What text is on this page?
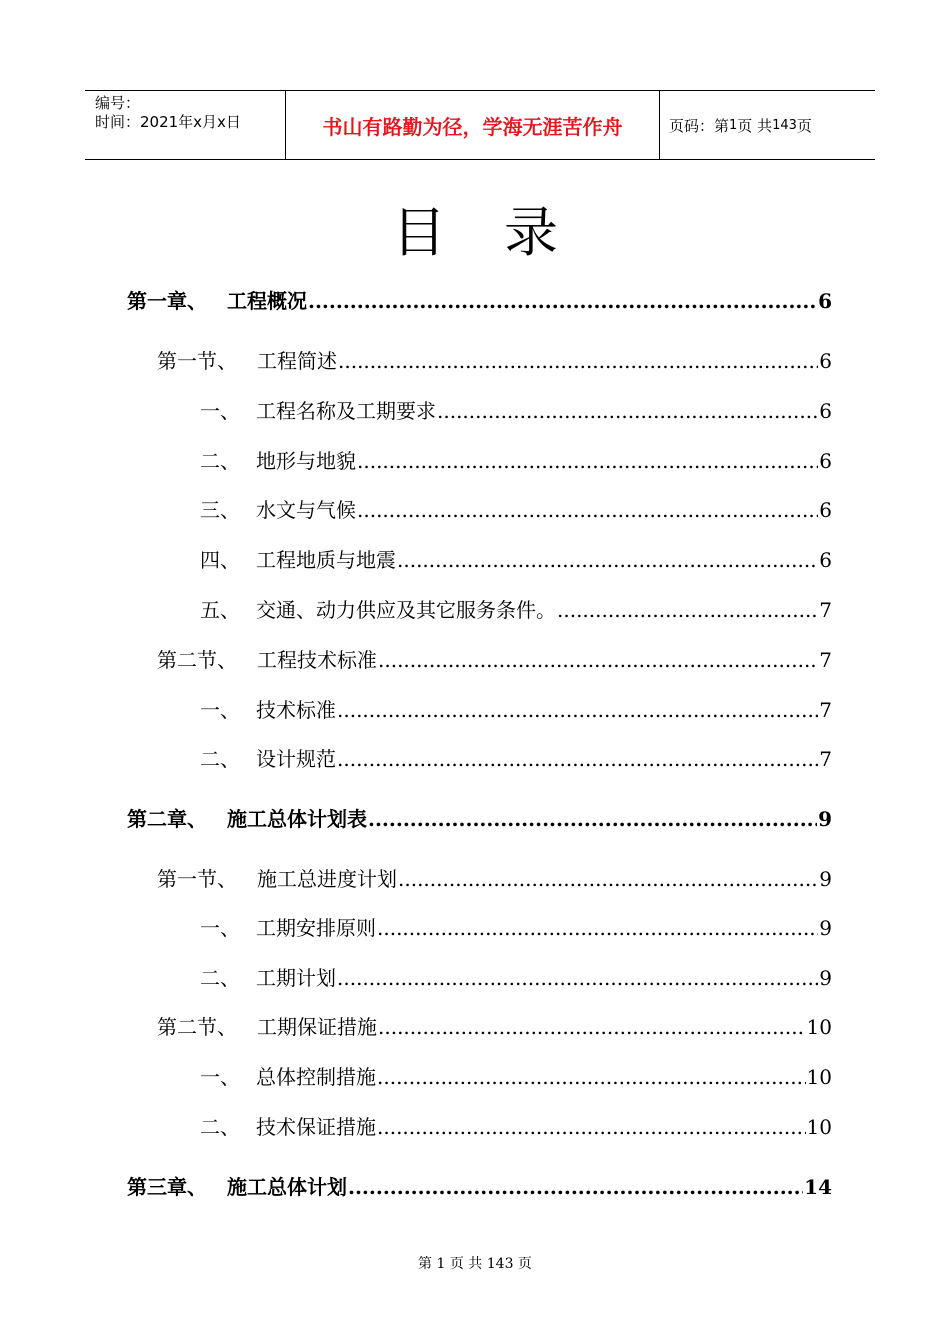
编号：
时间：2021年x月x日	书山有路勤为径，学海无涯苦作舟	页码：第 1 页 共 143 页
目录
第一章、	工程概况 .....	6
第一节、	工程简述 .....	6
一、 工程名称及工期要求 .....	6
二、 地形与地貌 .....	6
三、 水文与气候 .....	6
四、 工程地质与地震 .....	6
五、 交通、动力供应及其它服务条件。 .....	7
第二节、	工程技术标准 .....	7
一、 技术标准 .....	7
二、 设计规范 .....	7
第二章、	施工总体计划表 .....	9
第一节、	施工总进度计划 .....	9
一、 工期安排原则 .....	9
二、 工期计划 .....	9
第二节、	工期保证措施 .....	10
一、 总体控制措施 .....	10
二、 技术保证措施 .....	10
第三章、	施工总体计划 .....	14
第 1 页 共 143 页
